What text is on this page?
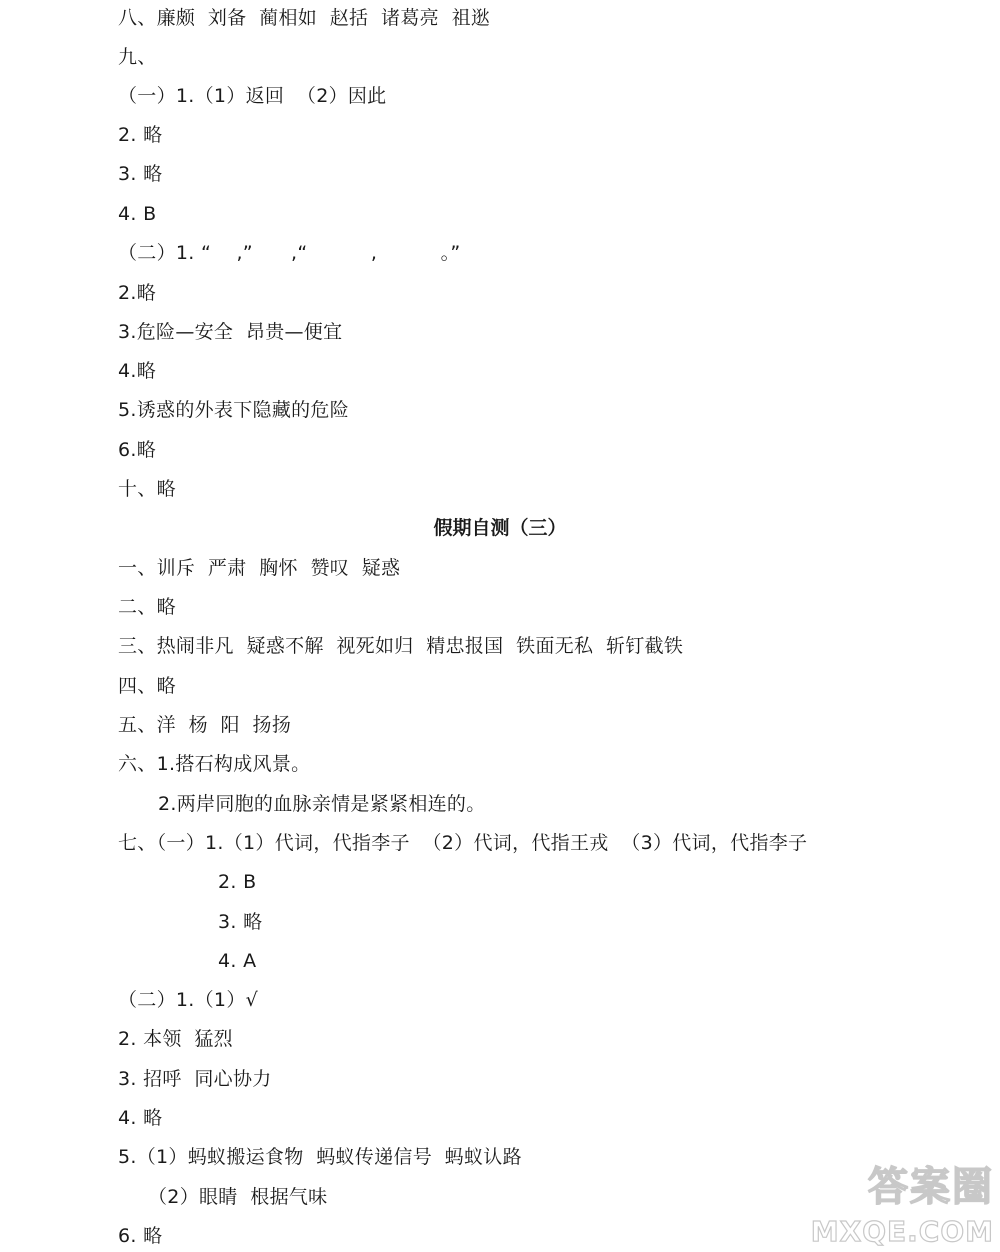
八、廉颇  刘备  蔺相如  赵括  诸葛亮  祖逖
九、
（一）1.（1）返回  （2）因此
2. 略
3. 略
4. B
（二）1. “    ,”      ,“          ,          。”
2.略
3.危险—安全  昂贵—便宜
4.略
5.诱惑的外表下隐藏的危险
6.略
十、略
假期自测（三）
一、训斥  严肃  胸怀  赞叹  疑惑
二、略
三、热闹非凡  疑惑不解  视死如归  精忠报国  铁面无私  斩钉截铁
四、略
五、洋  杨  阳  扬扬
六、1.搭石构成风景。
2.两岸同胞的血脉亲情是紧紧相连的。
七、（一）1.（1）代词，代指李子  （2）代词，代指王戎  （3）代词，代指李子
2. B
3. 略
4. A
（二）1.（1）√
2. 本领  猛烈
3. 招呼  同心协力
4. 略
5.（1）蚂蚁搬运食物  蚂蚁传递信号  蚂蚁认路
（2）眼睛  根据气味
6. 略
答案圈
MXQE.COM
